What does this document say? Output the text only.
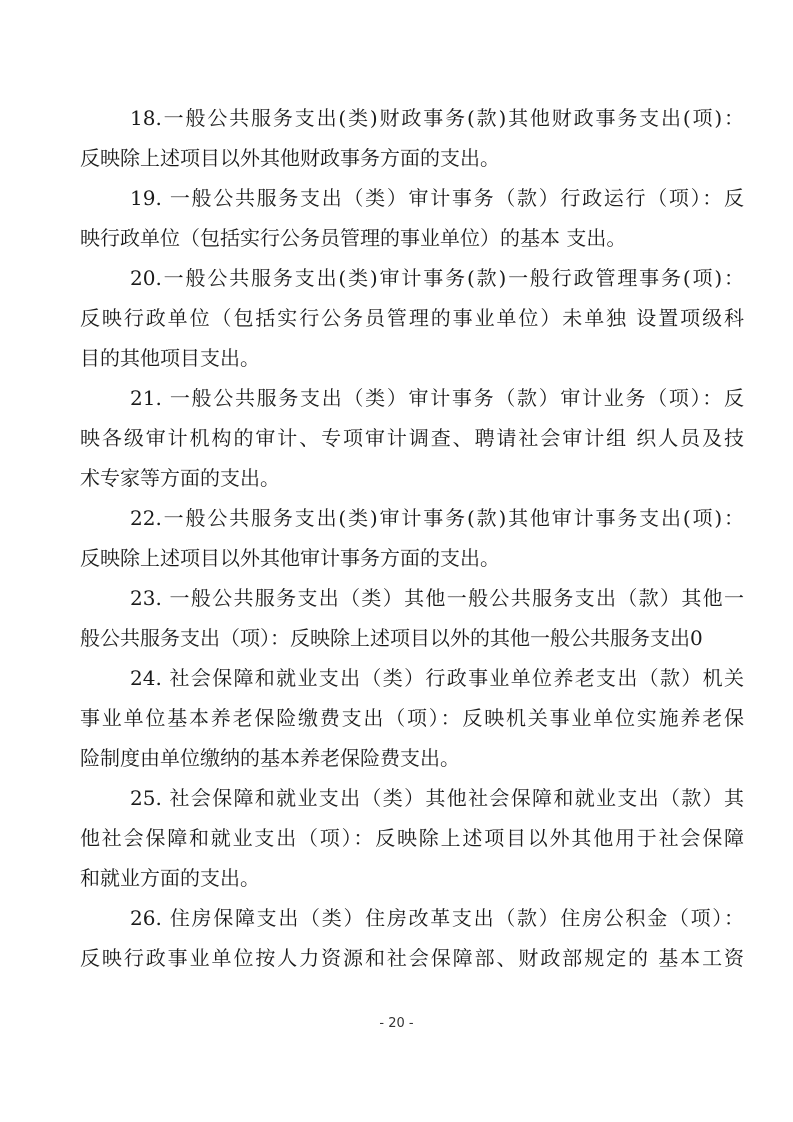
18.一般公共服务支出(类)财政事务(款)其他财政事务支出(项)：
反映除上述项目以外其他财政事务方面的支出。
19. 一般公共服务支出（类）审计事务（款）行政运行（项）：反
映行政单位（包括实行公务员管理的事业单位）的基本 支出。
20.一般公共服务支出(类)审计事务(款)一般行政管理事务(项)：
反映行政单位（包括实行公务员管理的事业单位）未单独 设置项级科
目的其他项目支出。
21. 一般公共服务支出（类）审计事务（款）审计业务（项）：反
映各级审计机构的审计、专项审计调查、聘请社会审计组 织人员及技
术专家等方面的支出。
22.一般公共服务支出(类)审计事务(款)其他审计事务支出(项)：
反映除上述项目以外其他审计事务方面的支出。
23. 一般公共服务支出（类）其他一般公共服务支出（款）其他一
般公共服务支出（项）：反映除上述项目以外的其他一般公共服务支出0
24. 社会保障和就业支出（类）行政事业单位养老支出（款）机关
事业单位基本养老保险缴费支出（项）：反映机关事业单位实施养老保
险制度由单位缴纳的基本养老保险费支出。
25. 社会保障和就业支出（类）其他社会保障和就业支出（款）其
他社会保障和就业支出（项）：反映除上述项目以外其他用于社会保障
和就业方面的支出。
26. 住房保障支出（类）住房改革支出（款）住房公积金（项）：
反映行政事业单位按人力资源和社会保障部、财政部规定的 基本工资
- 20 -
